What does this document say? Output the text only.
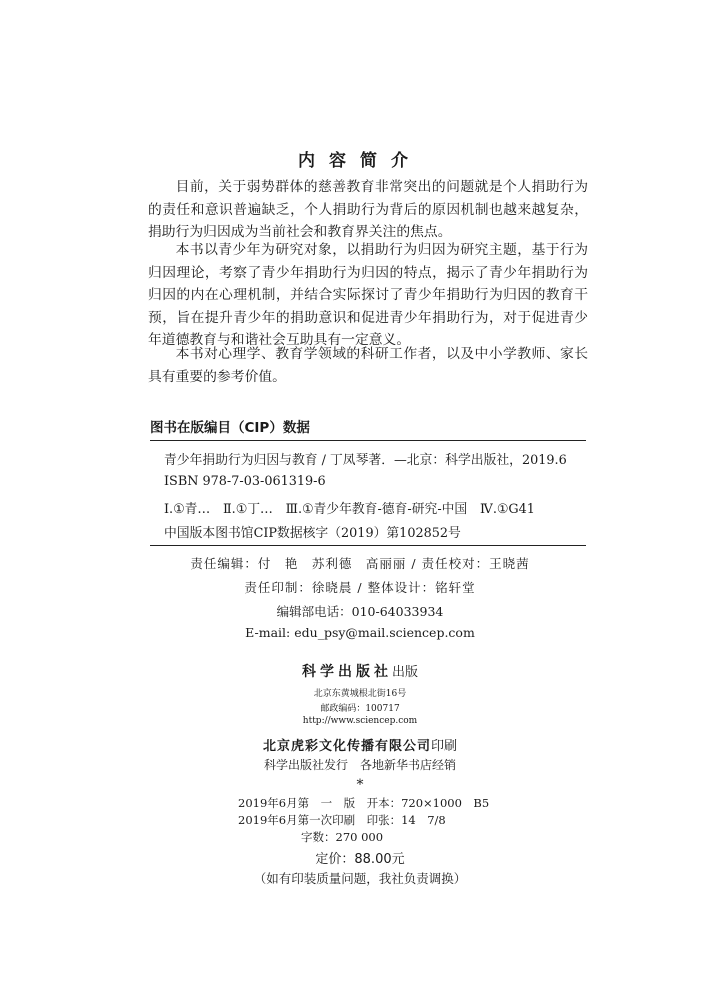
内容简介

目前，关于弱势群体的慈善教育非常突出的问题就是个人捐助行为的责任和意识普遍缺乏，个人捐助行为背后的原因机制也越来越复杂，捐助行为归因成为当前社会和教育界关注的焦点。

本书以青少年为研究对象，以捐助行为归因为研究主题，基于行为归因理论，考察了青少年捐助行为归因的特点，揭示了青少年捐助行为归因的内在心理机制，并结合实际探讨了青少年捐助行为归因的教育干预，旨在提升青少年的捐助意识和促进青少年捐助行为，对于促进青少年道德教育与和谐社会互助具有一定意义。

本书对心理学、教育学领域的科研工作者，以及中小学教师、家长具有重要的参考价值。

图书在版编目（CIP）数据
青少年捐助行为归因与教育 / 丁凤琴著．—北京：科学出版社，2019.6
ISBN 978-7-03-061319-6
Ⅰ.①青…　Ⅱ.①丁…　Ⅲ.①青少年教育-德育-研究-中国　Ⅳ.①G41
中国版本图书馆CIP数据核字（2019）第102852号
责任编辑：付　艳　苏利德　高丽丽 / 责任校对：王晓茜
责任印制：徐晓晨 / 整体设计：铭轩堂
编辑部电话：010-64033934
E-mail: edu_psy@mail.sciencep.com
科学出版社出版
北京东黄城根北街16号
邮政编码：100717
http://www.sciencep.com
北京虎彩文化传播有限公司印刷
科学出版社发行　各地新华书店经销
*
2019年6月第　一　版　开本：720×1000　B5
2019年6月第一次印刷　印张：14　7/8
字数：270 000
定价：88.00元
（如有印装质量问题，我社负责调换）
